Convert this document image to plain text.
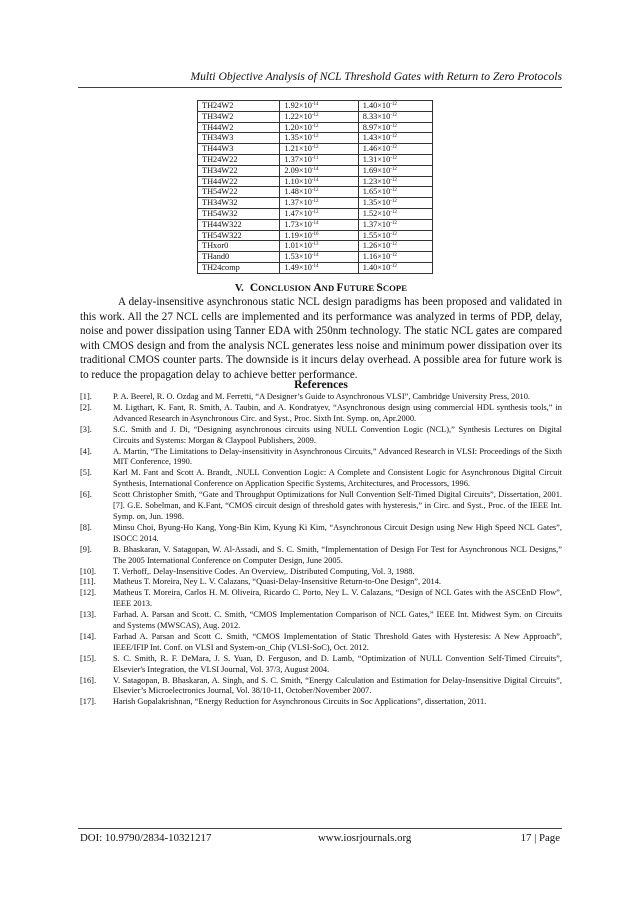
Multi Objective Analysis of NCL Threshold Gates with Return to Zero Protocols
TH24W2	$1.92\times 10^{-14}$	$1.40\times 10^{-12}$
TH34W2	$1.22\times 10^{-12}$	$8.33\times 10^{-12}$
TH44W2	$1.20\times 10^{-12}$	$8.97\times 10^{-12}$
TH34W3	$1.35\times 10^{-12}$	$1.43\times 10^{-12}$
TH44W3	$1.21\times 10^{-12}$	$1.46\times 10^{-12}$
TH24W22	$1.37\times 10^{-11}$	$1.31\times 10^{-12}$
TH34W22	$2.09\times 10^{-14}$	$1.69\times 10^{-12}$
TH44W22	$1.10\times 10^{-14}$	$1.23\times 10^{-12}$
TH54W22	$1.48\times 10^{-12}$	$1.65\times 10^{-12}$
TH34W32	$1.37\times 10^{-12}$	$1.35\times 10^{-12}$
TH54W32	$1.47\times 10^{-12}$	$1.52\times 10^{-12}$
TH44W322	$1.73\times 10^{-14}$	$1.37\times 10^{-12}$
TH54W322	$1.19\times 10^{-16}$	$1.55\times 10^{-12}$
THxor0	$1.01\times 10^{-13}$	$1.26\times 10^{-12}$
THand0	$1.53\times 10^{-14}$	$1.16\times 10^{-12}$
TH24comp	$1.49\times 10^{-14}$	$1.40\times 10^{-12}$
V. CONCLUSION AND FUTURE SCOPE

A delay-insensitive asynchronous static NCL design paradigms has been proposed and validated in this work. All the 27 NCL cells are implemented and its performance was analyzed in terms of PDP, delay, noise and power dissipation using Tanner EDA with 250nm technology. The static NCL gates are compared with CMOS design and from the analysis NCL generates less noise and minimum power dissipation over its traditional CMOS counter parts. The downside is it incurs delay overhead. A possible area for future work is to reduce the propagation delay to achieve better performance.

References
[1].	P. A. Beerel, R. O. Ozdag and M. Ferretti, “A Designer’s Guide to Asynchronous VLSI”, Cambridge University Press, 2010.
[2].	M. Ligthart, K. Fant, R. Smith, A. Taubin, and A. Kondratyev, “Asynchronous design using commercial HDL synthesis tools,” in Advanced Research in Asynchronous Circ. and Syst., Proc. Sixth Int. Symp. on, Apr.2000.
[3].	S.C. Smith and J. Di, “Designing asynchronous circuits using NULL Convention Logic (NCL),” Synthesis Lectures on Digital Circuits and Systems: Morgan & Claypool Publishers, 2009.
[4].	A. Martin, “The Limitations to Delay-insensitivity in Asynchronous Circuits,” Advanced Research in VLSI: Proceedings of the Sixth MIT Conference, 1990.
[5].	Karl M. Fant and Scott A. Brandt, .NULL Convention Logic: A Complete and Consistent Logic for Asynchronous Digital Circuit Synthesis, International Conference on Application Specific Systems, Architectures, and Processors, 1996.
[6].	Scott Christopher Smith, “Gate and Throughput Optimizations for Null Convention Self-Timed Digital Circuits”, Dissertation, 2001. [7]. G.E. Sobelman, and K.Fant, “CMOS circuit design of threshold gates with hysteresis,” in Circ. and Syst., Proc. of the IEEE Int. Symp. on, Jun. 1998.
[8].	Minsu Choi, Byung-Ho Kang, Yong-Bin Kim, Kyung Ki Kim, “Asynchronous Circuit Design using New High Speed NCL Gates”, ISOCC 2014.
[9].	B. Bhaskaran, V. Satagopan, W. Al-Assadi, and S. C. Smith, “Implementation of Design For Test for Asynchronous NCL Designs,” The 2005 International Conference on Computer Design, June 2005.
[10].	T. Verhoff,. Delay-Insensitive Codes. An Overview,. Distributed Computing, Vol. 3, 1988.
[11].	Matheus T. Moreira, Ney L. V. Calazans, “Quasi-Delay-Insensitive Return-to-One Design”, 2014.
[12].	Matheus T. Moreira, Carlos H. M. Oliveira, Ricardo C. Porto, Ney L. V. Calazans, “Design of NCL Gates with the ASCEnD Flow”, IEEE 2013.
[13].	Farhad. A. Parsan and Scott. C. Smith, “CMOS Implementation Comparison of NCL Gates,” IEEE Int. Midwest Sym. on Circuits and Systems (MWSCAS), Aug. 2012.
[14].	Farhad A. Parsan and Scott C. Smith, “CMOS Implementation of Static Threshold Gates with Hysteresis: A New Approach”, IEEE/IFIP Int. Conf. on VLSI and System-on_Chip (VLSI-SoC), Oct. 2012.
[15].	S. C. Smith, R. F. DeMara, J. S. Yuan, D. Ferguson, and D. Lamb, “Optimization of NULL Convention Self-Timed Circuits”, Elsevier's Integration, the VLSI Journal, Vol. 37/3, August 2004.
[16].	V. Satagopan, B. Bhaskaran, A. Singh, and S. C. Smith, “Energy Calculation and Estimation for Delay-Insensitive Digital Circuits”, Elsevier’s Microelectronics Journal, Vol. 38/10-11, October/November 2007.
[17].	Harish Gopalakrishnan, “Energy Reduction for Asynchronous Circuits in Soc Applications”, dissertation, 2011.
DOI: 10.9790/2834-10321217	www.iosrjournals.org	17 | Page
